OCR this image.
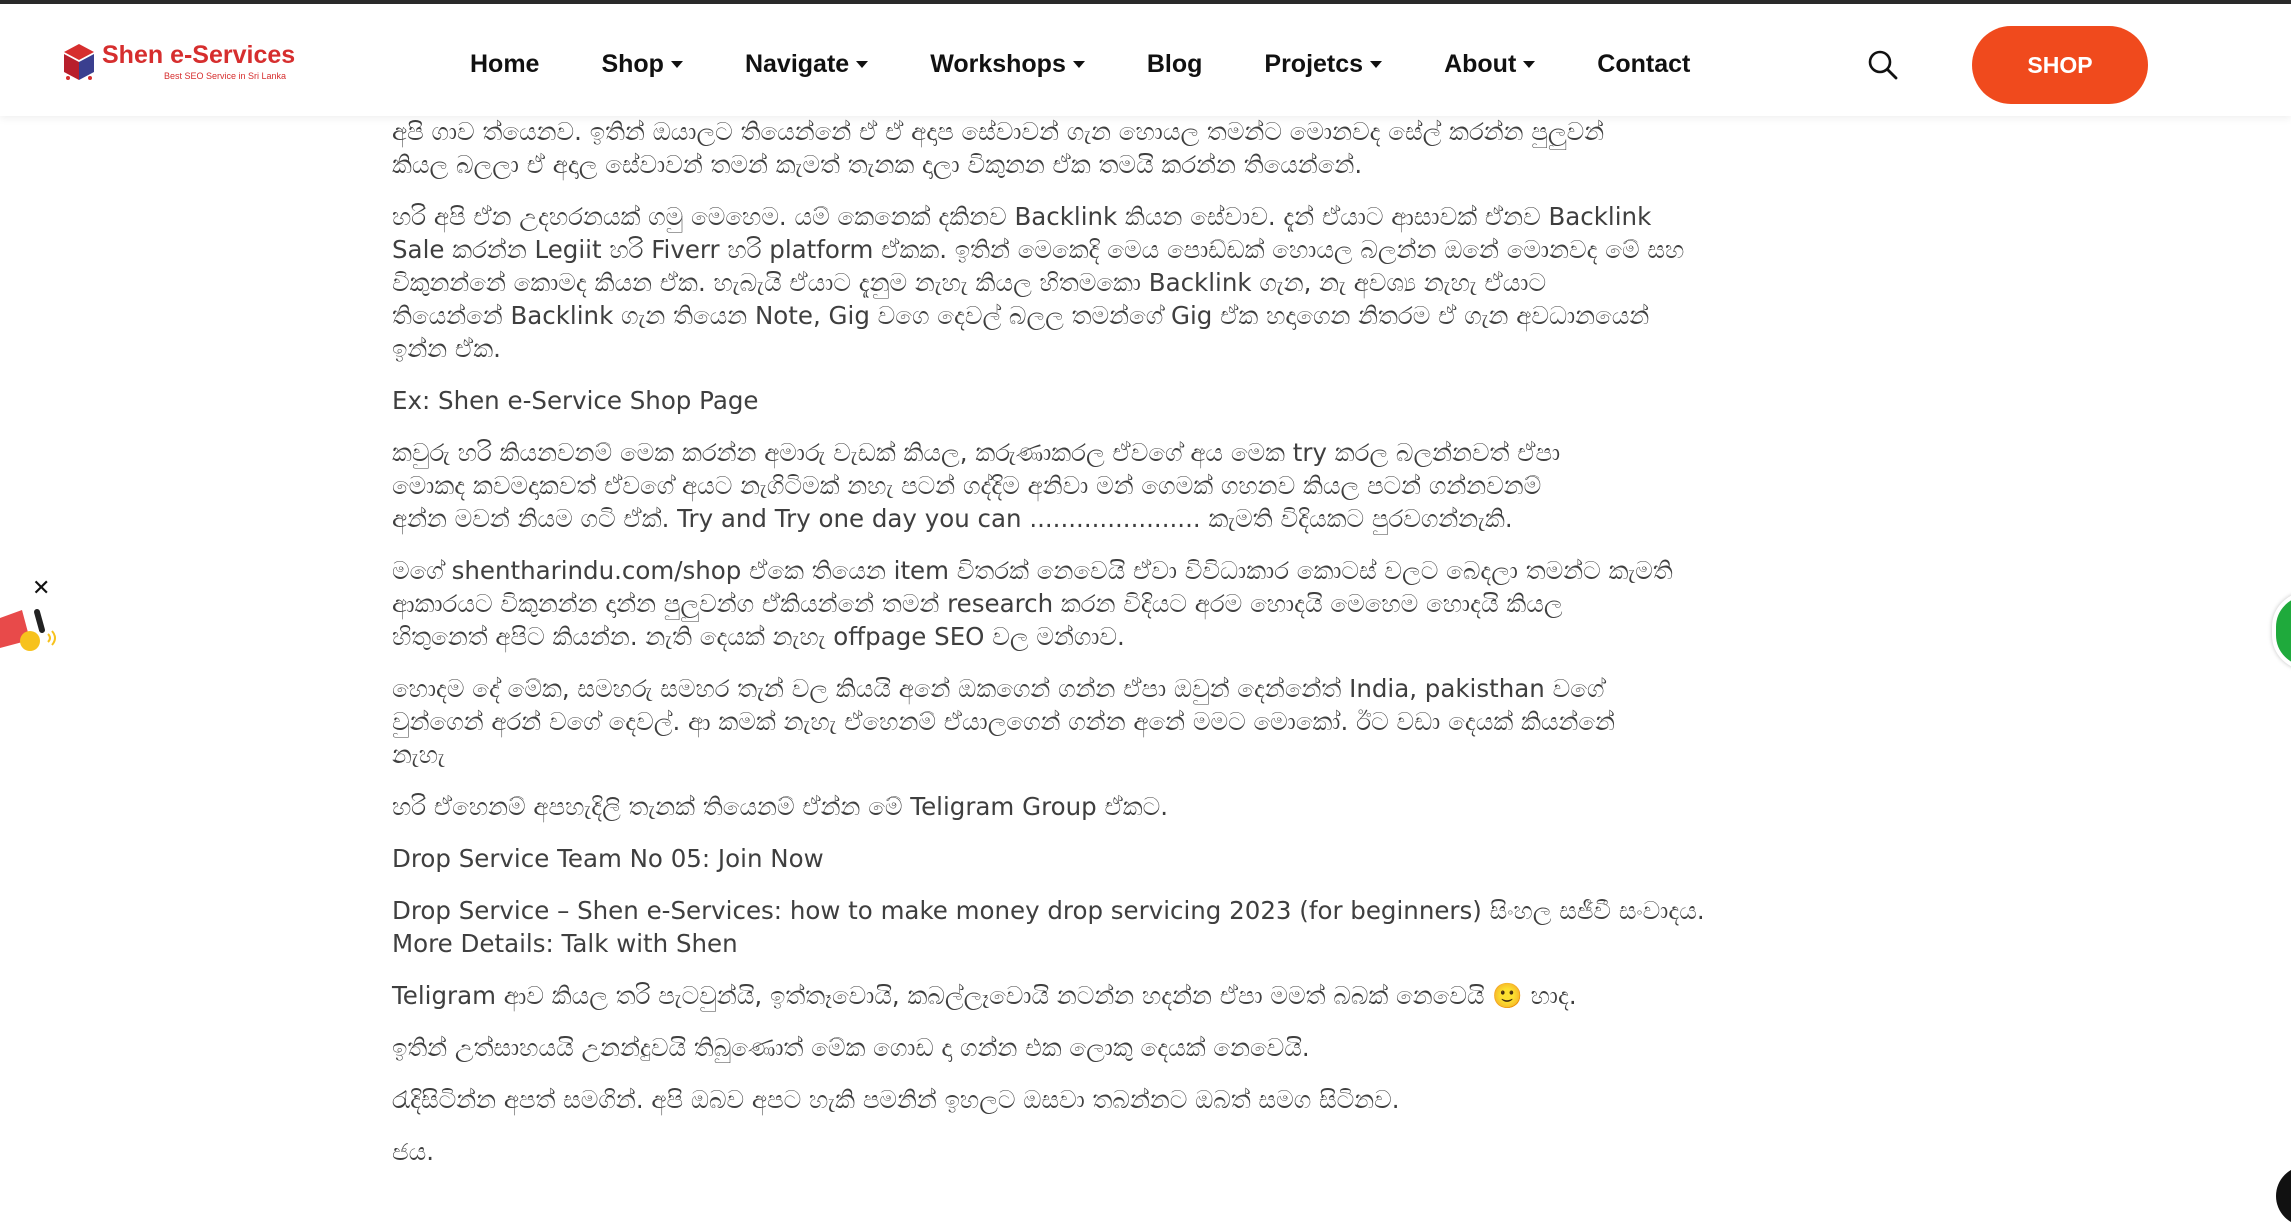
Shen e-Services
Best SEO Service in Sri Lanka	Home Shop	Navigate	Workshops	Blog Projetcs	About	Contact	SHOP

අපි ගාව ත්යෙනව. ඉතින් ඔයාලට තියෙන්නේ ඒ ඒ අදාප සේවාවන් ගැන හොයල තමන්ට මොනවද සේල් කරන්න පුලුවන්
කියල බලලා ඒ අදාල සේවාවන් තමන් කැමත් තැනක දාලා විකුනන ඒක තමයි කරන්න තියෙන්නේ.

හරි අපි ඒන උදහරනයක් ගමු මෙහෙම. යම් කෙනෙක් දකිනව Backlink කියන සේවාව. දැන් ඒයාට ආසාවක් ඒනව Backlink
Sale කරන්න Legiit හරි Fiverr හරි platform ඒකක. ඉතින් මෙකෙදි මෙය පොඩ්ඩක් හොයල බලන්න ඔනේ මොනවද මේ සහ
විකුනන්නේ කොමද කියන ඒක. හැබැයි ඒයාට දැනුම නැහැ කියල හිතමකො Backlink ගැන, නැ අවශ්‍ය නැහැ ඒයාට
තියෙන්නේ Backlink ගැන තියෙන Note, Gig වගෙ දෙවල් බලල තමන්ගේ Gig ඒක හදාගෙන නිතරම ඒ ගැන අවධානයෙන්
ඉන්න ඒක.

Ex: Shen e-Service Shop Page

කවුරු හරි කියනවනම් මෙක කරන්න අමාරු වැඩක් කියල, කරුණාකරල ඒවගේ අය මෙක try කරල බලන්නවත් ඒපා
මොකද කවමදාකවත් ඒවගේ අයට නැගිටිමක් නහැ පටන් ගද්දිම අනිවා මන් ගෙමක් ගහනව කියල පටන් ගන්නවනම්
අන්න මවන් නියම ගටි ඒක්. Try and Try one day you can ...................... කැමති විදියකට පුරවගන්නැකි.

මගේ shentharindu.com/shop ඒකෙ තියෙන item විතරක් නෙවෙයි ඒවා විවිධාකාර කොටස් වලට බෙදලා තමන්ට කැමති
ආකාරයට විකුනන්න දාන්න පුලුවන්ග ඒකියන්නේ තමන් research කරන විදියට අරම හොදයි මෙහෙම හොදයි කියල
හිතුනෙත් අපිට කියන්න. නැති දෙයක් නැහැ offpage SEO වල මන්ගාව.

හොදම දේ මේක, සමහරු සමහර තැන් වල කියයි අනේ ඔකගෙන් ගන්න ඒපා ඔවුන් දෙන්නේත් India, pakisthan වගේ
වුන්ගෙන් අරන් වගේ දෙවල්. ආ කමක් නැහැ ඒහෙනම් ඒයාලගෙන් ගන්න අනේ මමට මොකෝ. ඊට වඩා දෙයක් කියන්නේ
නැහැ

හරි ඒහෙනම් අපහැදිලි තැනක් තියෙනම් ඒන්න මේ Teligram Group ඒකට.

Drop Service Team No 05: Join Now

Drop Service – Shen e-Services: how to make money drop servicing 2023 (for beginners) සිංහල සජීවී සංවාදය.
More Details: Talk with Shen

Teligram ආව කියල තරි පැටවුන්යි, ඉත්තෑවොයි, කබල්ලෑවොයි නටන්න හදන්න ඒපා මමත් බබක් නෙවෙයි 🙂 හාද.

ඉතින් උත්සාහයයි උනන්දුවයි තිබුණොත් මේක ගොඩ දා ගන්න එක ලොකු දෙයක් නෙවෙයි.

රැදිසිටින්න අපත් සමගින්. අපි ඔබව අපට හැකි පමනින් ඉහලට ඔසවා තබන්නට ඔබත් සමග සිටිනව.

ජය.

✕
